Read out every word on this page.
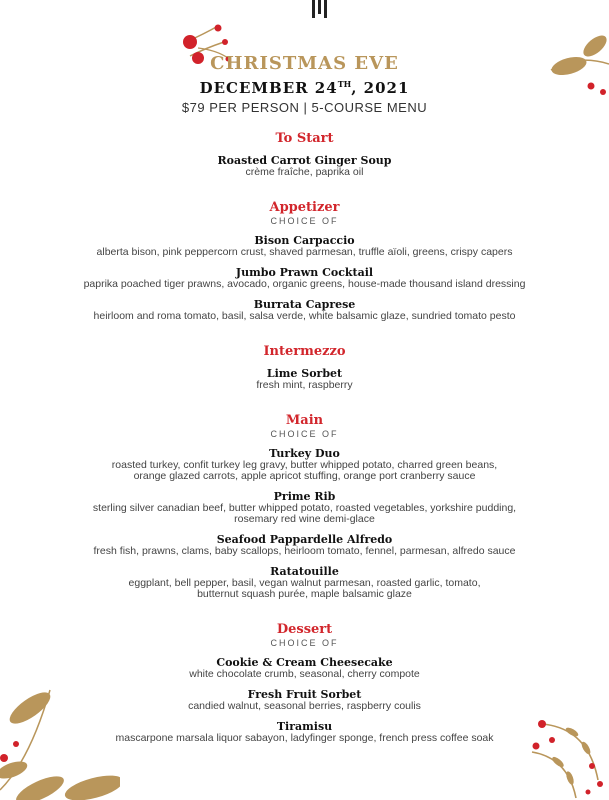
CHRISTMAS EVE
DECEMBER 24TH, 2021
$79 PER PERSON | 5-COURSE MENU
To Start
Roasted Carrot Ginger Soup
crème fraîche, paprika oil
Appetizer
CHOICE OF
Bison Carpaccio
alberta bison, pink peppercorn crust, shaved parmesan, truffle aïoli, greens, crispy capers
Jumbo Prawn Cocktail
paprika poached tiger prawns, avocado, organic greens, house-made thousand island dressing
Burrata Caprese
heirloom and roma tomato, basil, salsa verde, white balsamic glaze, sundried tomato pesto
Intermezzo
Lime Sorbet
fresh mint, raspberry
Main
CHOICE OF
Turkey Duo
roasted turkey, confit turkey leg gravy, butter whipped potato, charred green beans,
orange glazed carrots, apple apricot stuffing, orange port cranberry sauce
Prime Rib
sterling silver canadian beef, butter whipped potato, roasted vegetables, yorkshire pudding,
rosemary red wine demi-glace
Seafood Pappardelle Alfredo
fresh fish, prawns, clams, baby scallops, heirloom tomato, fennel, parmesan, alfredo sauce
Ratatouille
eggplant, bell pepper, basil, vegan walnut parmesan, roasted garlic, tomato,
butternut squash purée, maple balsamic glaze
Dessert
CHOICE OF
Cookie & Cream Cheesecake
white chocolate crumb, seasonal, cherry compote
Fresh Fruit Sorbet
candied walnut, seasonal berries, raspberry coulis
Tiramisu
mascarpone marsala liquor sabayon, ladyfinger sponge, french press coffee soak
